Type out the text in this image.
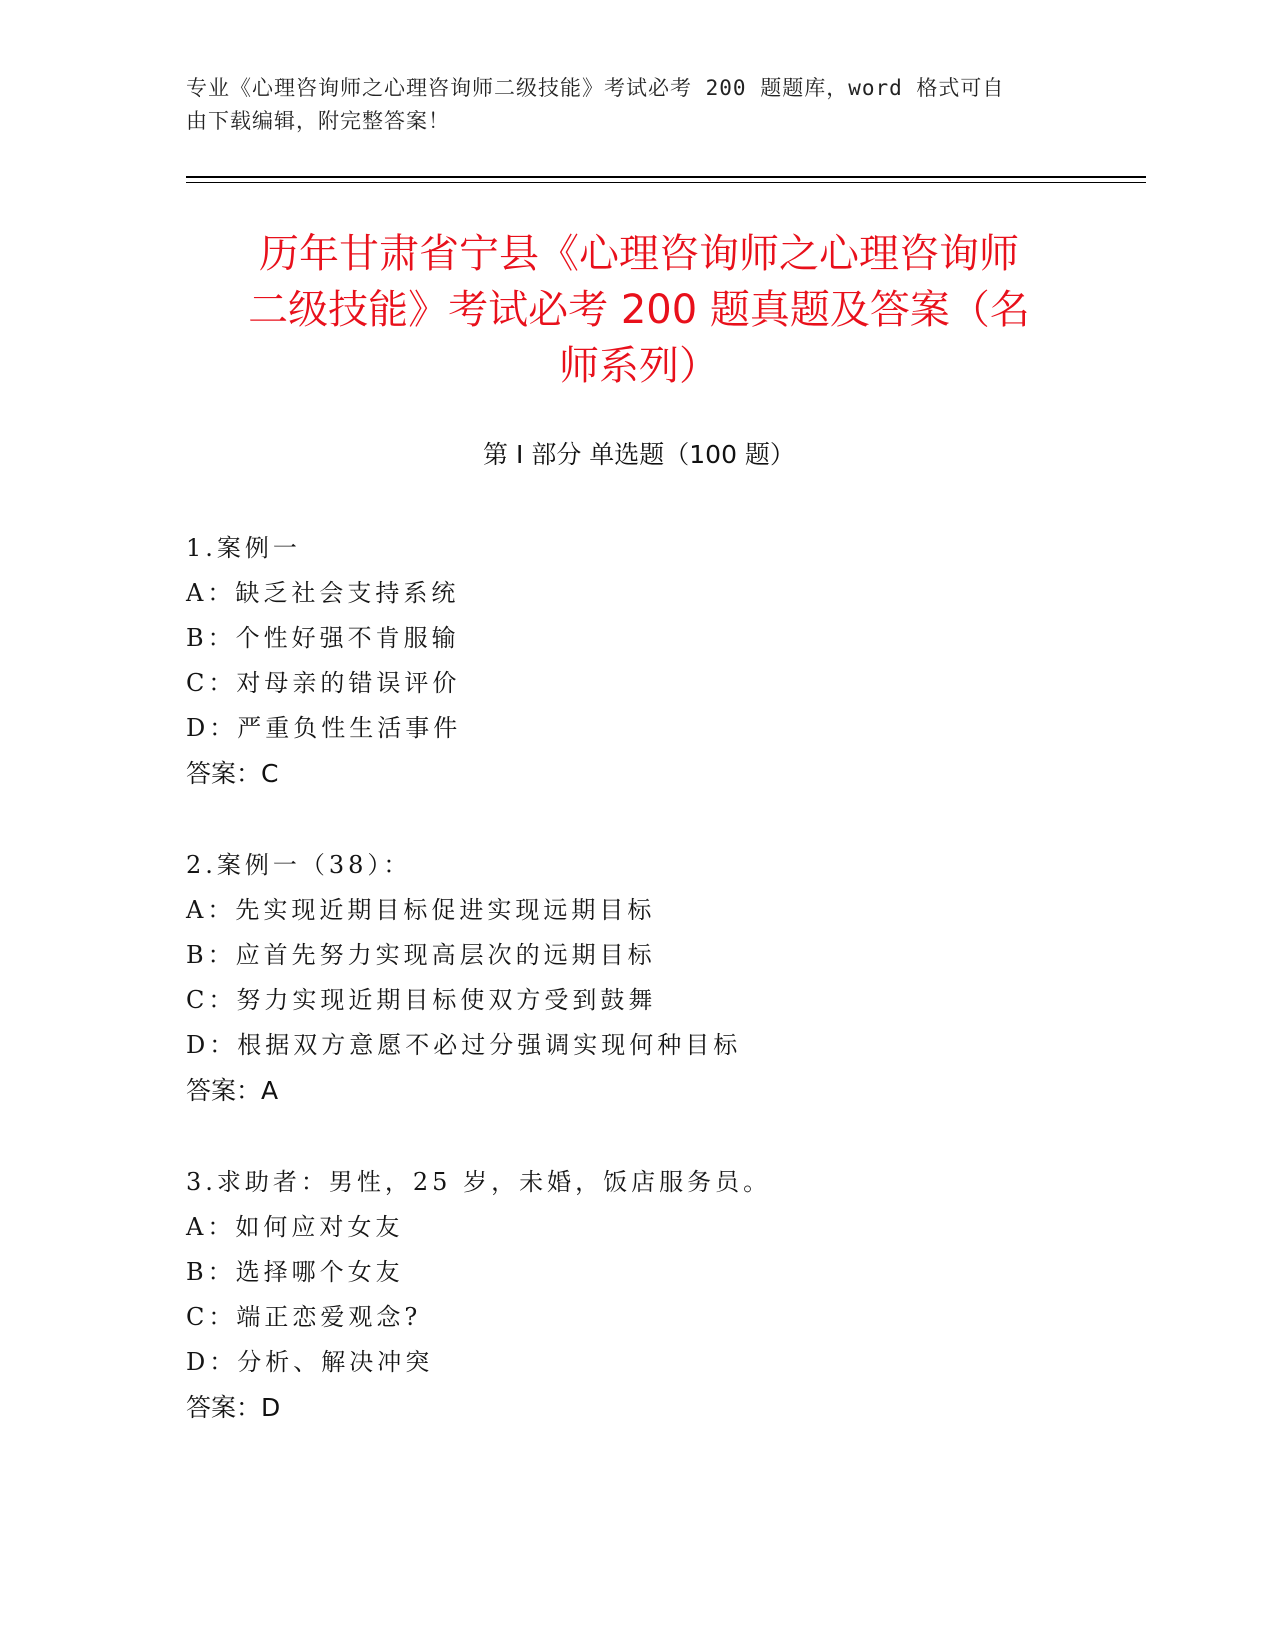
专业《心理咨询师之心理咨询师二级技能》考试必考 200 题题库，word 格式可自
由下载编辑，附完整答案！
历年甘肃省宁县《心理咨询师之心理咨询师
二级技能》考试必考 200 题真题及答案（名
师系列）
第 I 部分 单选题（100 题）
1.案例一
A：缺乏社会支持系统
B：个性好强不肯服输
C：对母亲的错误评价
D：严重负性生活事件
答案：C
2.案例一（38）：
A：先实现近期目标促进实现远期目标
B：应首先努力实现高层次的远期目标
C：努力实现近期目标使双方受到鼓舞
D：根据双方意愿不必过分强调实现何种目标
答案：A
3.求助者：男性，25 岁，未婚，饭店服务员。
A：如何应对女友
B：选择哪个女友
C：端正恋爱观念?
D：分析、解决冲突
答案：D
